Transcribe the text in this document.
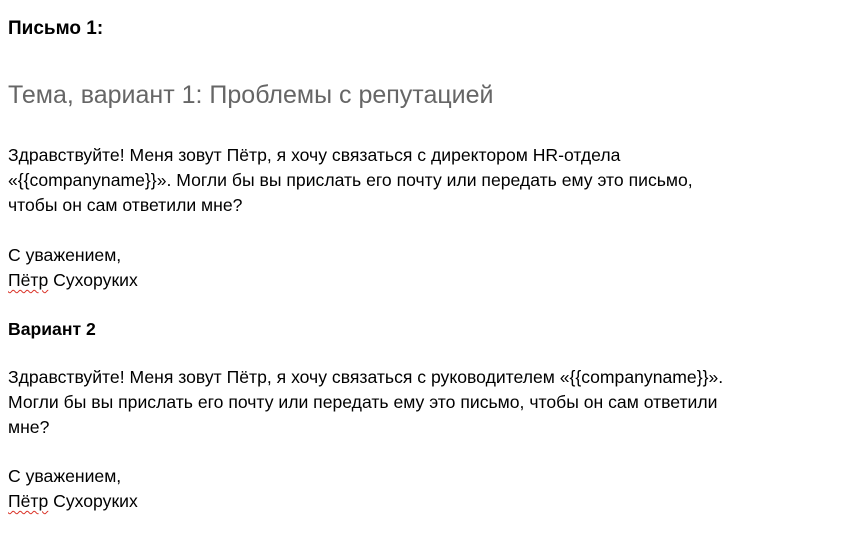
Письмо 1:
Тема, вариант 1: Проблемы с репутацией

Здравствуйте! Меня зовут Пётр, я хочу связаться с директором HR-отдела
«{{companyname}}». Могли бы вы прислать его почту или передать ему это письмо,
чтобы он сам ответили мне?

С уважением,
Пётр Сухоруких

Вариант 2

Здравствуйте! Меня зовут Пётр, я хочу связаться с руководителем «{{companyname}}».
Могли бы вы прислать его почту или передать ему это письмо, чтобы он сам ответили
мне?

С уважением,
Пётр Сухоруких
